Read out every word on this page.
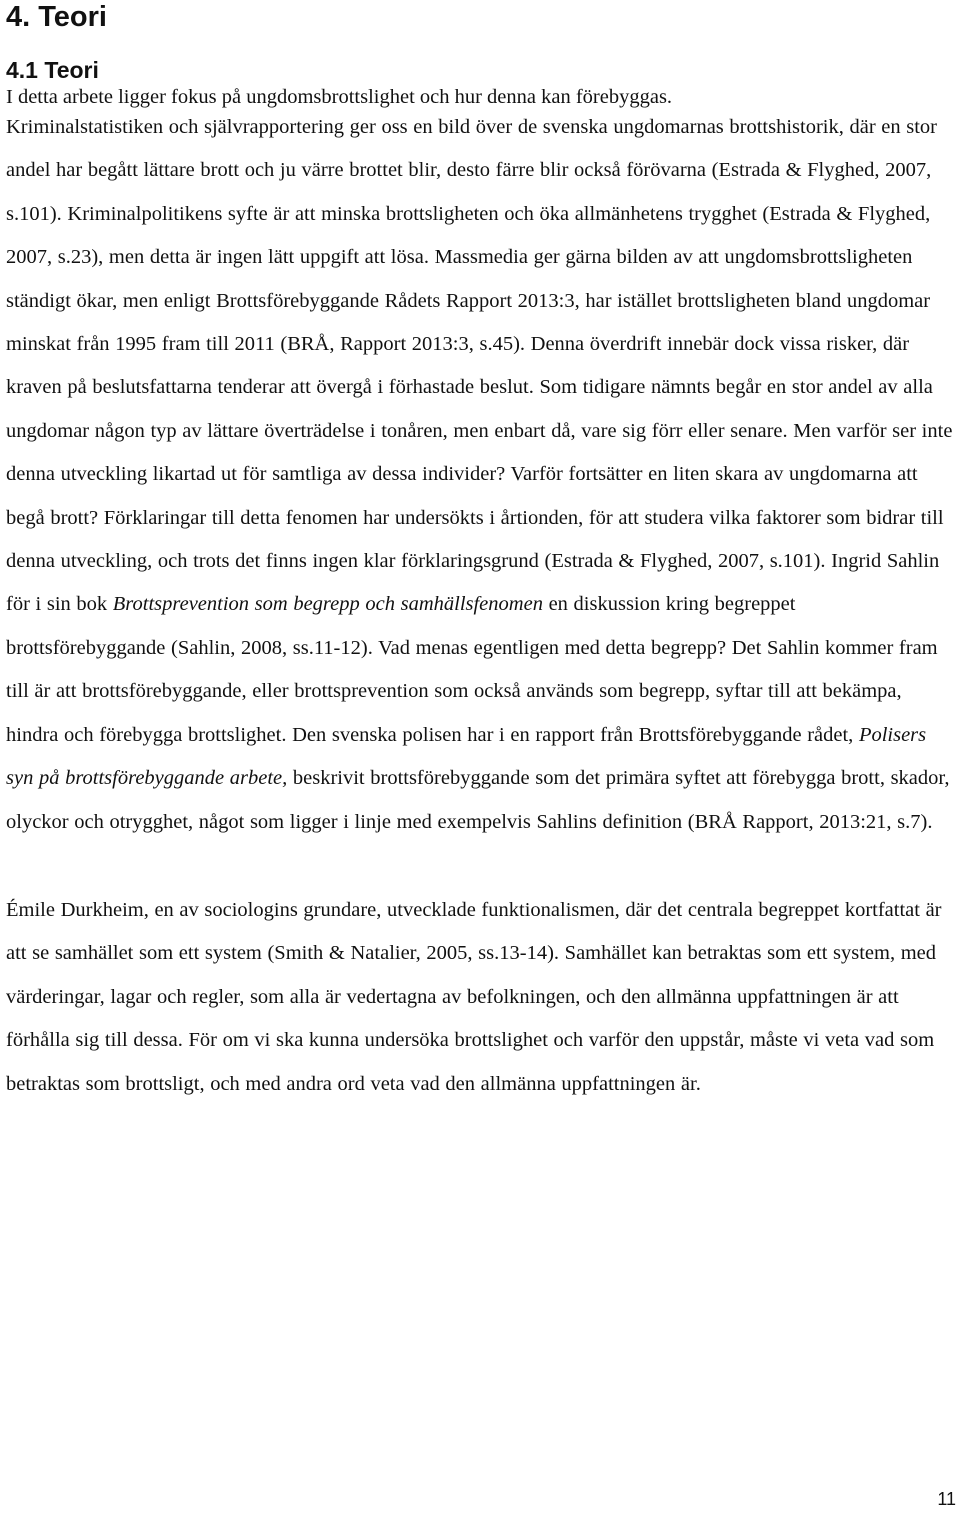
4. Teori
4.1 Teori

I detta arbete ligger fokus på ungdomsbrottslighet och hur denna kan förebyggas.

Kriminalstatistiken och självrapportering ger oss en bild över de svenska ungdomarnas brottshistorik, där en stor andel har begått lättare brott och ju värre brottet blir, desto färre blir också förövarna (Estrada & Flyghed, 2007, s.101). Kriminalpolitikens syfte är att minska brottsligheten och öka allmänhetens trygghet (Estrada & Flyghed, 2007, s.23), men detta är ingen lätt uppgift att lösa. Massmedia ger gärna bilden av att ungdomsbrottsligheten ständigt ökar, men enligt Brottsförebyggande Rådets Rapport 2013:3, har istället brottsligheten bland ungdomar minskat från 1995 fram till 2011 (BRÅ, Rapport 2013:3, s.45). Denna överdrift innebär dock vissa risker, där kraven på beslutsfattarna tenderar att övergå i förhastade beslut. Som tidigare nämnts begår en stor andel av alla ungdomar någon typ av lättare överträdelse i tonåren, men enbart då, vare sig förr eller senare. Men varför ser inte denna utveckling likartad ut för samtliga av dessa individer? Varför fortsätter en liten skara av ungdomarna att begå brott? Förklaringar till detta fenomen har undersökts i årtionden, för att studera vilka faktorer som bidrar till denna utveckling, och trots det finns ingen klar förklaringsgrund (Estrada & Flyghed, 2007, s.101). Ingrid Sahlin för i sin bok Brottsprevention som begrepp och samhällsfenomen en diskussion kring begreppet brottsförebyggande (Sahlin, 2008, ss.11-12). Vad menas egentligen med detta begrepp? Det Sahlin kommer fram till är att brottsförebyggande, eller brottsprevention som också används som begrepp, syftar till att bekämpa, hindra och förebygga brottslighet. Den svenska polisen har i en rapport från Brottsförebyggande rådet, Polisers syn på brottsförebyggande arbete, beskrivit brottsförebyggande som det primära syftet att förebygga brott, skador, olyckor och otrygghet, något som ligger i linje med exempelvis Sahlins definition (BRÅ Rapport, 2013:21, s.7).

Émile Durkheim, en av sociologins grundare, utvecklade funktionalismen, där det centrala begreppet kortfattat är att se samhället som ett system (Smith & Natalier, 2005, ss.13-14). Samhället kan betraktas som ett system, med värderingar, lagar och regler, som alla är vedertagna av befolkningen, och den allmänna uppfattningen är att förhålla sig till dessa. För om vi ska kunna undersöka brottslighet och varför den uppstår, måste vi veta vad som betraktas som brottsligt, och med andra ord veta vad den allmänna uppfattningen är.

11
